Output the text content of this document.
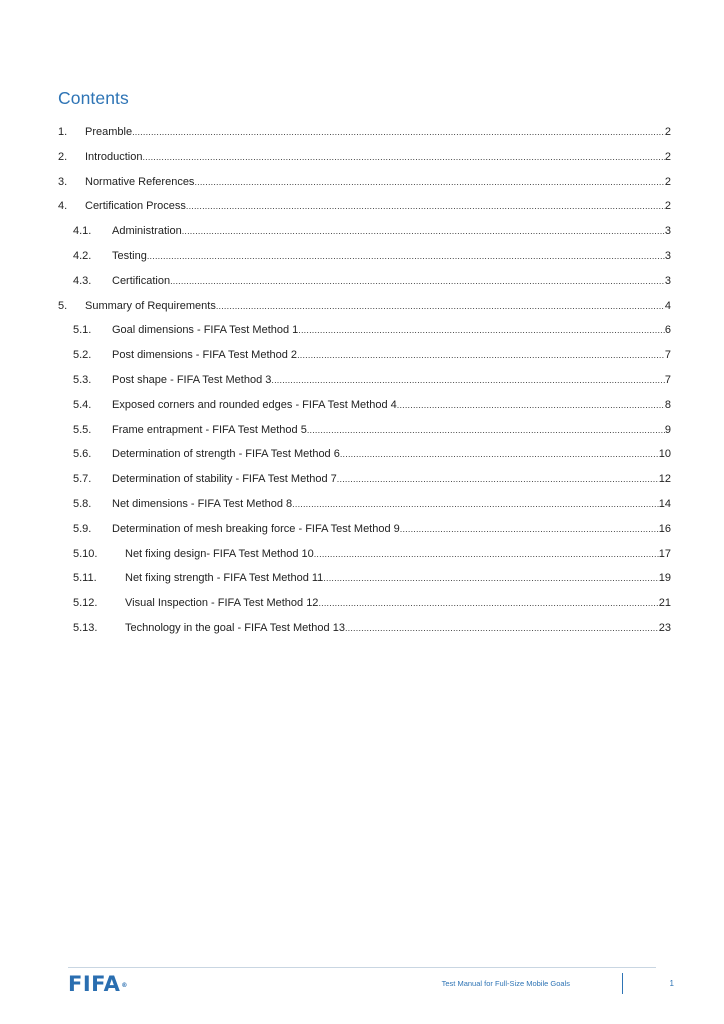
Contents
1.	Preamble .....	2
2.	Introduction .....	2
3.	Normative References .....	2
4.	Certification Process .....	2
4.1.	Administration .....	3
4.2.	Testing .....	3
4.3.	Certification .....	3
5.	Summary of Requirements .....	4
5.1.	Goal dimensions - FIFA Test Method 1 .....	6
5.2.	Post dimensions - FIFA Test Method 2 .....	7
5.3.	Post shape - FIFA Test Method 3 .....	7
5.4.	Exposed corners and rounded edges - FIFA Test Method 4 .....	8
5.5.	Frame entrapment - FIFA Test Method 5 .....	9
5.6.	Determination of strength - FIFA Test Method 6 .....	10
5.7.	Determination of stability - FIFA Test Method 7 .....	12
5.8.	Net dimensions - FIFA Test Method 8 .....	14
5.9.	Determination of mesh breaking force - FIFA Test Method 9 .....	16
5.10.	Net fixing design- FIFA Test Method 10 .....	17
5.11.	Net fixing strength - FIFA Test Method 11 .....	19
5.12.	Visual Inspection - FIFA Test Method 12 .....	21
5.13.	Technology in the goal - FIFA Test Method 13 .....	23
FIFA®	Test Manual for Full-Size Mobile Goals	1
